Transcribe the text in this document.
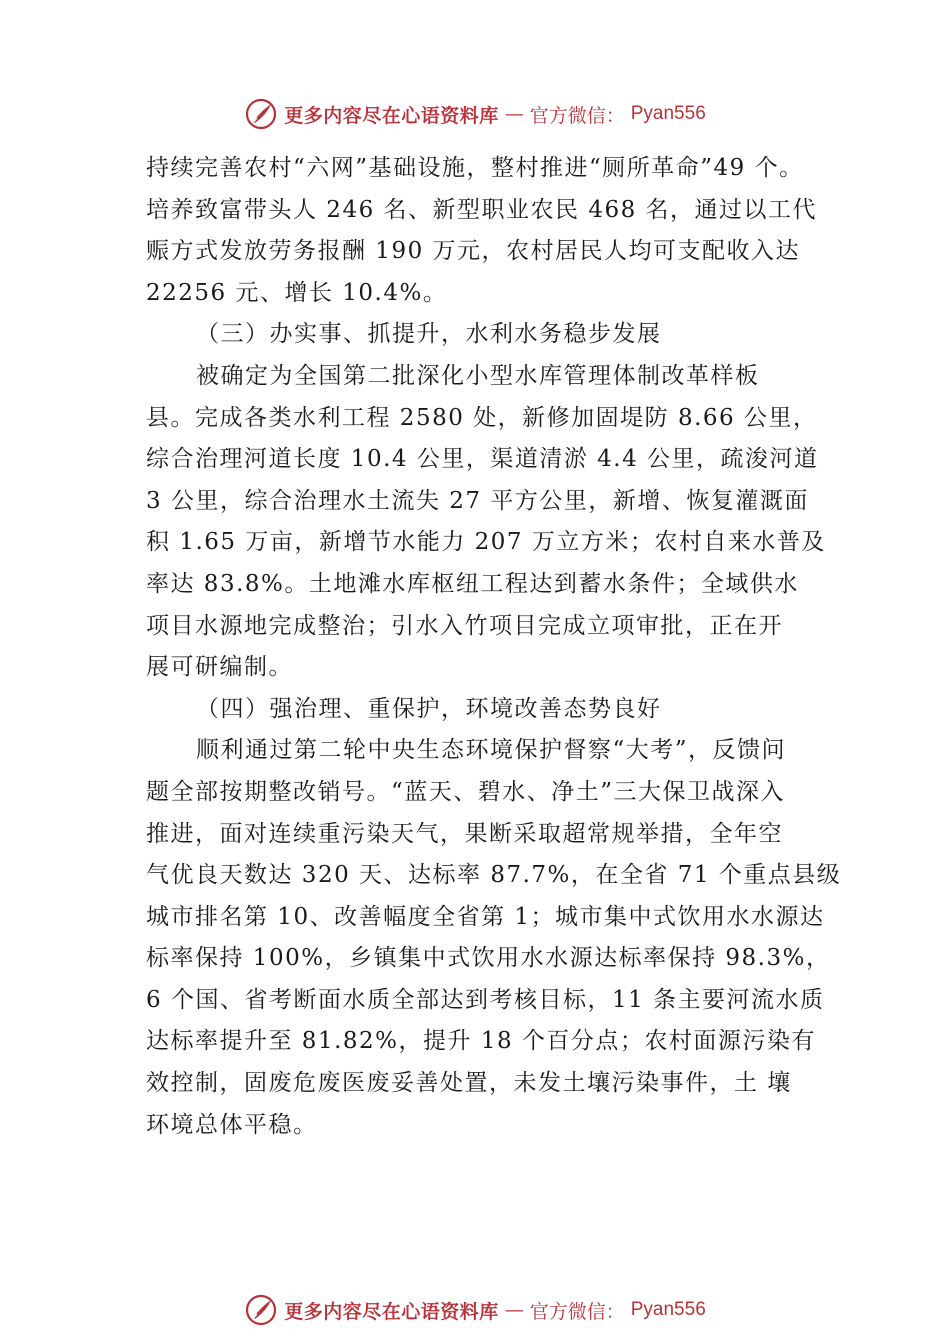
更多内容尽在心语资料库 — 官方微信： Pyan556
持续完善农村“六网”基础设施，整村推进“厕所革命”49 个。
培养致富带头人 246 名、新型职业农民 468 名，通过以工代
赈方式发放劳务报酬 190 万元，农村居民人均可支配收入达
22256 元、增长 10.4%。
（三）办实事、抓提升，水利水务稳步发展
被确定为全国第二批深化小型水库管理体制改革样板
县。完成各类水利工程 2580 处，新修加固堤防 8.66 公里，
综合治理河道长度 10.4 公里，渠道清淤 4.4 公里，疏浚河道
3 公里，综合治理水土流失 27 平方公里，新增、恢复灌溉面
积 1.65 万亩，新增节水能力 207 万立方米；农村自来水普及
率达 83.8%。土地滩水库枢纽工程达到蓄水条件；全域供水
项目水源地完成整治；引水入竹项目完成立项审批，正在开
展可研编制。
（四）强治理、重保护，环境改善态势良好
顺利通过第二轮中央生态环境保护督察“大考”，反馈问
题全部按期整改销号。“蓝天、碧水、净土”三大保卫战深入
推进，面对连续重污染天气，果断采取超常规举措，全年空
气优良天数达 320 天、达标率 87.7%，在全省 71 个重点县级
城市排名第 10、改善幅度全省第 1；城市集中式饮用水水源达
标率保持 100%，乡镇集中式饮用水水源达标率保持 98.3%，
6 个国、省考断面水质全部达到考核目标，11 条主要河流水质
达标率提升至 81.82%，提升 18 个百分点；农村面源污染有
效控制，固废危废医废妥善处置，未发土壤污染事件，土 壤
环境总体平稳。
更多内容尽在心语资料库 — 官方微信： Pyan556
